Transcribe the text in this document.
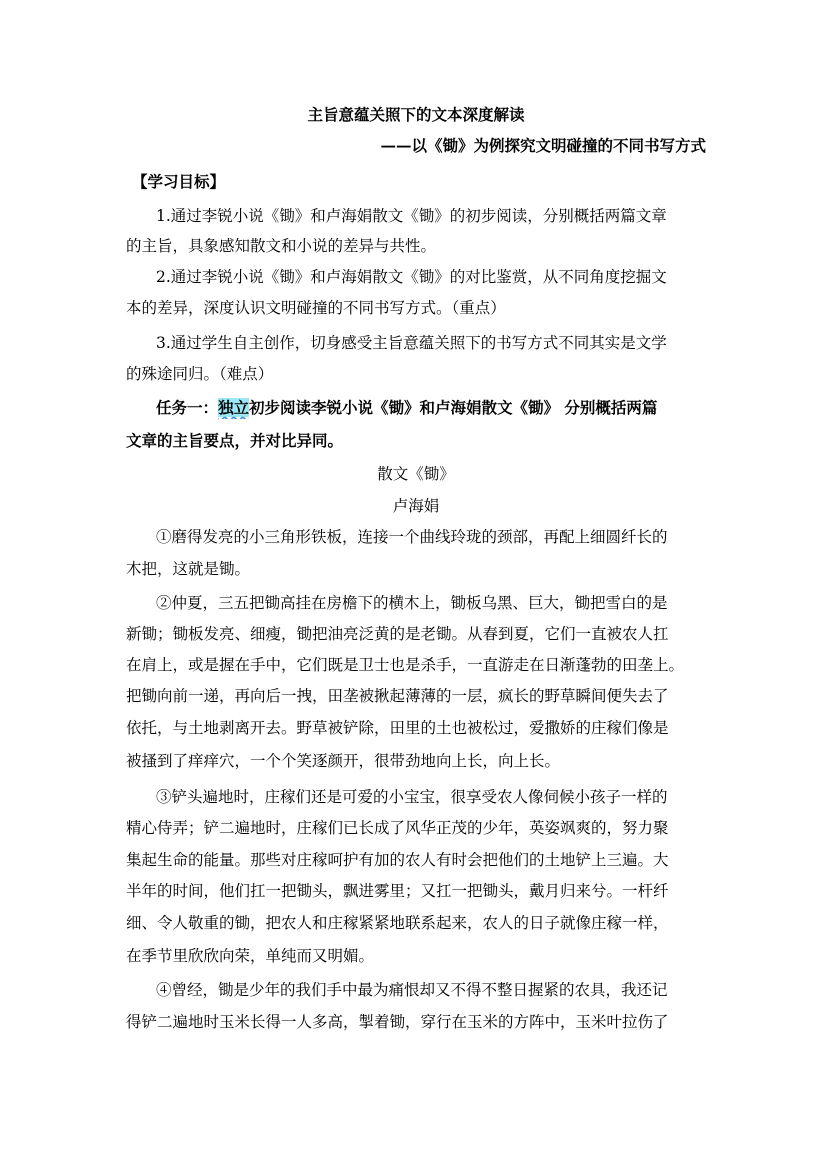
主旨意蕴关照下的文本深度解读
——以《锄》为例探究文明碰撞的不同书写方式
【学习目标】
1.通过李锐小说《锄》和卢海娟散文《锄》的初步阅读，分别概括两篇文章
的主旨，具象感知散文和小说的差异与共性。
2.通过李锐小说《锄》和卢海娟散文《锄》的对比鉴赏，从不同角度挖掘文
本的差异，深度认识文明碰撞的不同书写方式。（重点）
3.通过学生自主创作，切身感受主旨意蕴关照下的书写方式不同其实是文学
的殊途同归。（难点）
任务一：独立初步阅读李锐小说《锄》和卢海娟散文《锄》 分别概括两篇
文章的主旨要点，并对比异同。
散文《锄》
卢海娟
①磨得发亮的小三角形铁板，连接一个曲线玲珑的颈部，再配上细圆纤长的
木把，这就是锄。
②仲夏，三五把锄高挂在房檐下的横木上，锄板乌黑、巨大，锄把雪白的是
新锄；锄板发亮、细瘦，锄把油亮泛黄的是老锄。从春到夏，它们一直被农人扛
在肩上，或是握在手中，它们既是卫士也是杀手，一直游走在日渐蓬勃的田垄上。
把锄向前一递，再向后一拽，田垄被揪起薄薄的一层，疯长的野草瞬间便失去了
依托，与土地剥离开去。野草被铲除，田里的土也被松过，爱撒娇的庄稼们像是
被搔到了痒痒穴，一个个笑逐颜开，很带劲地向上长，向上长。
③铲头遍地时，庄稼们还是可爱的小宝宝，很享受农人像伺候小孩子一样的
精心侍弄；铲二遍地时，庄稼们已长成了风华正茂的少年，英姿飒爽的，努力聚
集起生命的能量。那些对庄稼呵护有加的农人有时会把他们的土地铲上三遍。大
半年的时间，他们扛一把锄头，飘进雾里；又扛一把锄头，戴月归来兮。一杆纤
细、令人敬重的锄，把农人和庄稼紧紧地联系起来，农人的日子就像庄稼一样，
在季节里欣欣向荣，单纯而又明媚。
④曾经，锄是少年的我们手中最为痛恨却又不得不整日握紧的农具，我还记
得铲二遍地时玉米长得一人多高，掣着锄，穿行在玉米的方阵中，玉米叶拉伤了
